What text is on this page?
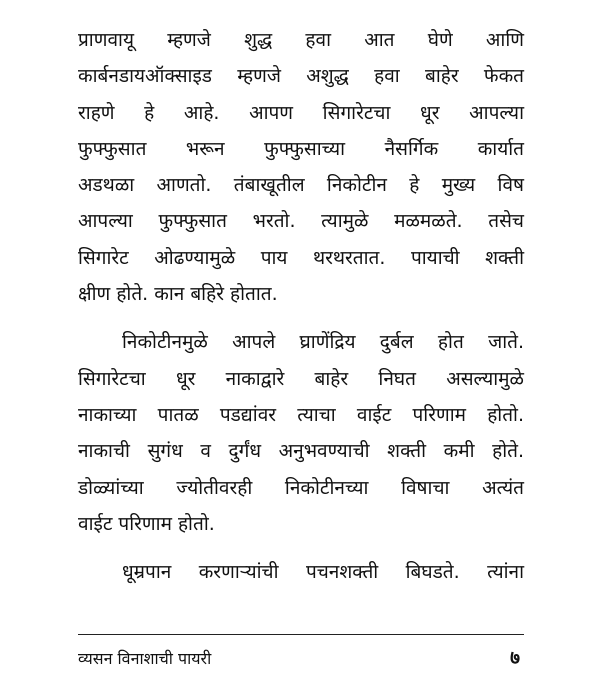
प्राणवायू म्हणजे शुद्ध हवा आत घेणे आणि
कार्बनडायऑक्साइड म्हणजे अशुद्ध हवा बाहेर फेकत
राहणे हे आहे. आपण सिगारेटचा धूर आपल्या
फुफ्फुसात भरून फुफ्फुसाच्या नैसर्गिक कार्यात
अडथळा आणतो. तंबाखूतील निकोटीन हे मुख्य विष
आपल्या फुफ्फुसात भरतो. त्यामुळे मळमळते. तसेच
सिगारेट ओढण्यामुळे पाय थरथरतात. पायाची शक्ती
क्षीण होते. कान बहिरे होतात.
निकोटीनमुळे आपले घ्राणेंद्रिय दुर्बल होत जाते.
सिगारेटचा धूर नाकाद्वारे बाहेर निघत असल्यामुळे
नाकाच्या पातळ पडद्यांवर त्याचा वाईट परिणाम होतो.
नाकाची सुगंध व दुर्गंध अनुभवण्याची शक्ती कमी होते.
डोळ्यांच्या ज्योतीवरही निकोटीनच्या विषाचा अत्यंत
वाईट परिणाम होतो.
धूम्रपान करणाऱ्यांची पचनशक्ती बिघडते. त्यांना
व्यसन विनाशाची पायरी	७
